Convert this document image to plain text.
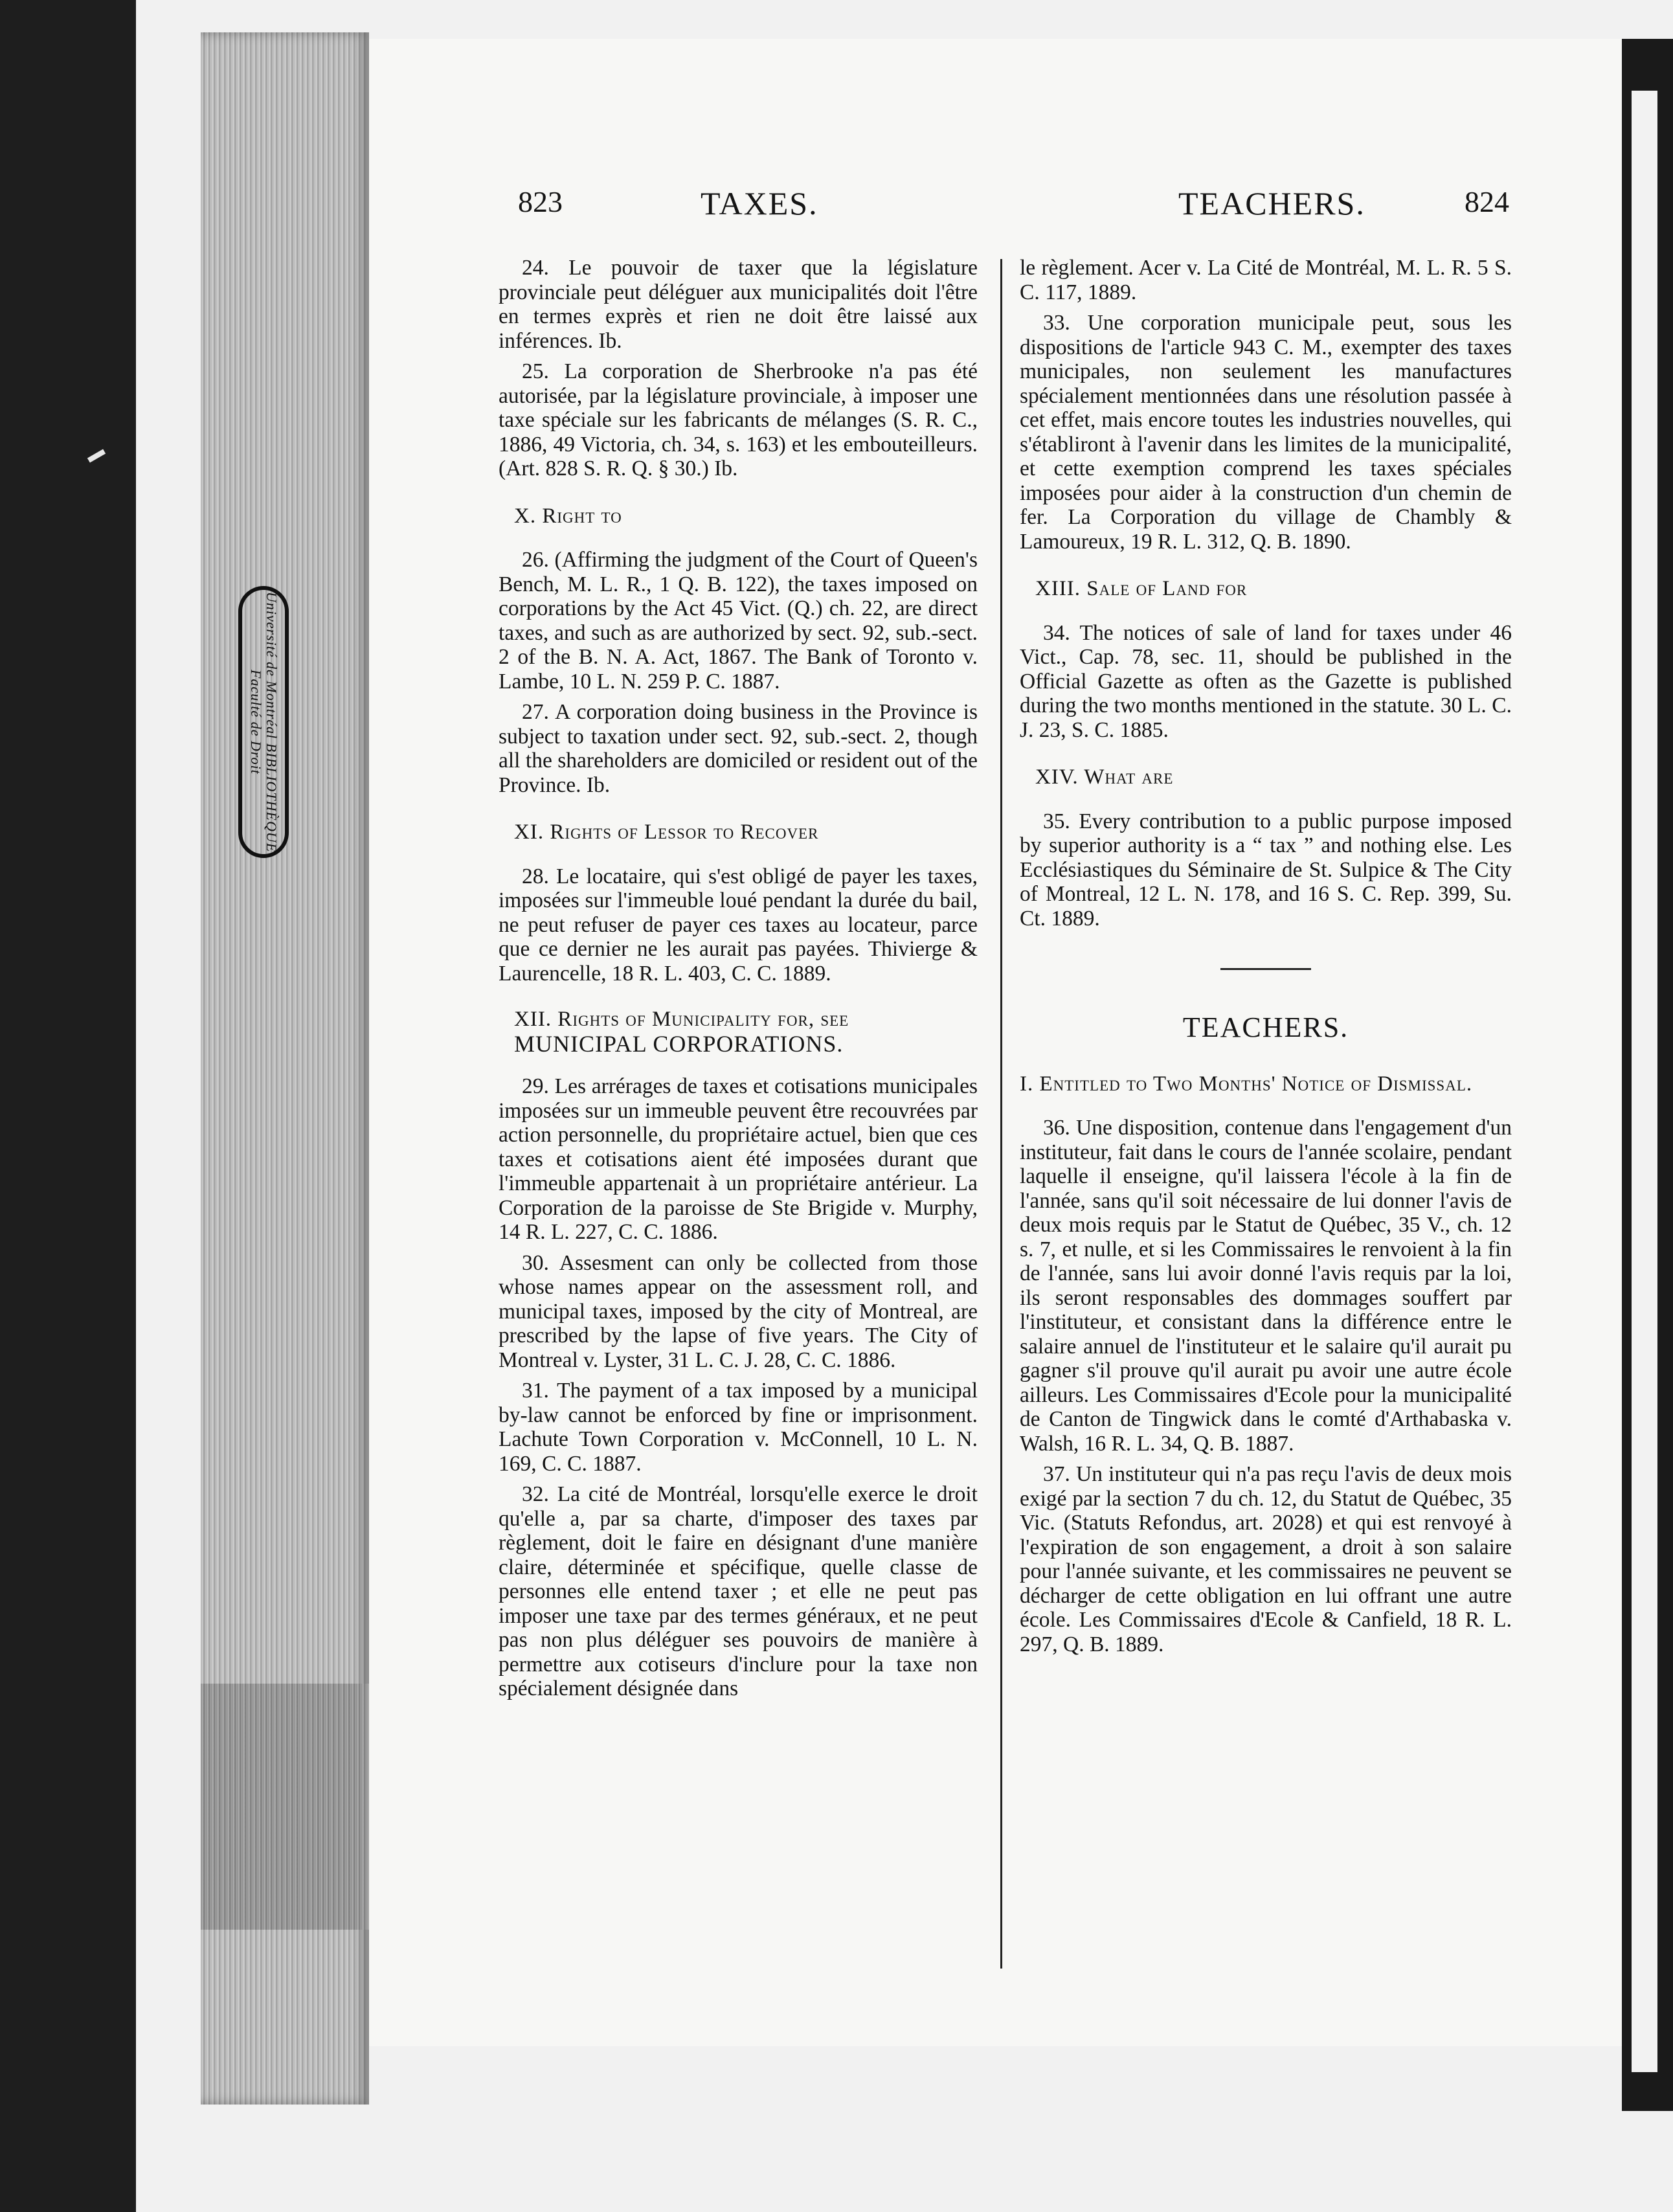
Université de Montréal BIBLIOTHÈQUE Faculté de Droit
823	TAXES.	TEACHERS.	824

24. Le pouvoir de taxer que la législature provinciale peut déléguer aux municipalités doit l'être en termes exprès et rien ne doit être laissé aux inférences. Ib.

25. La corporation de Sherbrooke n'a pas été autorisée, par la législature provinciale, à imposer une taxe spéciale sur les fabricants de mélanges (S. R. C., 1886, 49 Victoria, ch. 34, s. 163) et les embouteilleurs. (Art. 828 S. R. Q. § 30.) Ib.

X. Right to

26. (Affirming the judgment of the Court of Queen's Bench, M. L. R., 1 Q. B. 122), the taxes imposed on corporations by the Act 45 Vict. (Q.) ch. 22, are direct taxes, and such as are authorized by sect. 92, sub.-sect. 2 of the B. N. A. Act, 1867. The Bank of Toronto v. Lambe, 10 L. N. 259 P. C. 1887.

27. A corporation doing business in the Province is subject to taxation under sect. 92, sub.-sect. 2, though all the shareholders are domiciled or resident out of the Province. Ib.

XI. Rights of Lessor to Recover

28. Le locataire, qui s'est obligé de payer les taxes, imposées sur l'immeuble loué pendant la durée du bail, ne peut refuser de payer ces taxes au locateur, parce que ce dernier ne les aurait pas payées. Thivierge & Laurencelle, 18 R. L. 403, C. C. 1889.

XII. Rights of Municipality for, see
MUNICIPAL CORPORATIONS.

29. Les arrérages de taxes et cotisations municipales imposées sur un immeuble peuvent être recouvrées par action personnelle, du propriétaire actuel, bien que ces taxes et cotisations aient été imposées durant que l'immeuble appartenait à un propriétaire antérieur. La Corporation de la paroisse de Ste Brigide v. Murphy, 14 R. L. 227, C. C. 1886.

30. Assesment can only be collected from those whose names appear on the assessment roll, and municipal taxes, imposed by the city of Montreal, are prescribed by the lapse of five years. The City of Montreal v. Lyster, 31 L. C. J. 28, C. C. 1886.

31. The payment of a tax imposed by a municipal by-law cannot be enforced by fine or imprisonment. Lachute Town Corporation v. McConnell, 10 L. N. 169, C. C. 1887.

32. La cité de Montréal, lorsqu'elle exerce le droit qu'elle a, par sa charte, d'imposer des taxes par règlement, doit le faire en désignant d'une manière claire, déterminée et spécifique, quelle classe de personnes elle entend taxer ; et elle ne peut pas imposer une taxe par des termes généraux, et ne peut pas non plus déléguer ses pouvoirs de manière à permettre aux cotiseurs d'inclure pour la taxe non spécialement désignée dans

le règlement. Acer v. La Cité de Montréal, M. L. R. 5 S. C. 117, 1889.

33. Une corporation municipale peut, sous les dispositions de l'article 943 C. M., exempter des taxes municipales, non seulement les manufactures spécialement mentionnées dans une résolution passée à cet effet, mais encore toutes les industries nouvelles, qui s'établiront à l'avenir dans les limites de la municipalité, et cette exemption comprend les taxes spéciales imposées pour aider à la construction d'un chemin de fer. La Corporation du village de Chambly & Lamoureux, 19 R. L. 312, Q. B. 1890.

XIII. Sale of Land for

34. The notices of sale of land for taxes under 46 Vict., Cap. 78, sec. 11, should be published in the Official Gazette as often as the Gazette is published during the two months mentioned in the statute. 30 L. C. J. 23, S. C. 1885.

XIV. What are

35. Every contribution to a public purpose imposed by superior authority is a “ tax ” and nothing else. Les Ecclésiastiques du Séminaire de St. Sulpice & The City of Montreal, 12 L. N. 178, and 16 S. C. Rep. 399, Su. Ct. 1889.

TEACHERS.

I. Entitled to Two Months' Notice of Dismissal.

36. Une disposition, contenue dans l'engagement d'un instituteur, fait dans le cours de l'année scolaire, pendant laquelle il enseigne, qu'il laissera l'école à la fin de l'année, sans qu'il soit nécessaire de lui donner l'avis de deux mois requis par le Statut de Québec, 35 V., ch. 12 s. 7, et nulle, et si les Commissaires le renvoient à la fin de l'année, sans lui avoir donné l'avis requis par la loi, ils seront responsables des dommages souffert par l'instituteur, et consistant dans la différence entre le salaire annuel de l'instituteur et le salaire qu'il aurait pu gagner s'il prouve qu'il aurait pu avoir une autre école ailleurs. Les Commissaires d'Ecole pour la municipalité de Canton de Tingwick dans le comté d'Arthabaska v. Walsh, 16 R. L. 34, Q. B. 1887.

37. Un instituteur qui n'a pas reçu l'avis de deux mois exigé par la section 7 du ch. 12, du Statut de Québec, 35 Vic. (Statuts Refondus, art. 2028) et qui est renvoyé à l'expiration de son engagement, a droit à son salaire pour l'année suivante, et les commissaires ne peuvent se décharger de cette obligation en lui offrant une autre école. Les Commissaires d'Ecole & Canfield, 18 R. L. 297, Q. B. 1889.
